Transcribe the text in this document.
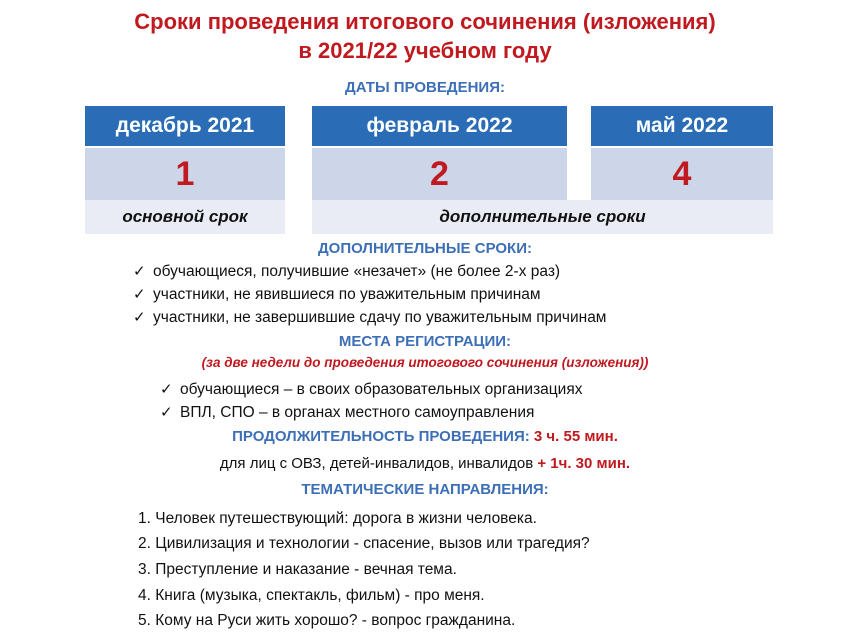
Сроки проведения итогового сочинения (изложения)
в 2021/22 учебном году
ДАТЫ ПРОВЕДЕНИЯ:
декабрь 2021
1
основной срок
февраль 2022
2
май 2022
4
дополнительные сроки
ДОПОЛНИТЕЛЬНЫЕ СРОКИ:
✓ обучающиеся, получившие «незачет» (не более 2-х раз)
✓ участники, не явившиеся по уважительным причинам
✓ участники, не завершившие сдачу по уважительным причинам
МЕСТА РЕГИСТРАЦИИ:
(за две недели до проведения итогового сочинения (изложения))
✓ обучающиеся – в своих образовательных организациях
✓ ВПЛ, СПО – в органах местного самоуправления
ПРОДОЛЖИТЕЛЬНОСТЬ ПРОВЕДЕНИЯ: 3 ч. 55 мин.
для лиц с ОВЗ, детей-инвалидов, инвалидов + 1ч. 30 мин.
ТЕМАТИЧЕСКИЕ НАПРАВЛЕНИЯ:
1. Человек путешествующий: дорога в жизни человека.
2. Цивилизация и технологии - спасение, вызов или трагедия?
3. Преступление и наказание - вечная тема.
4. Книга (музыка, спектакль, фильм) - про меня.
5. Кому на Руси жить хорошо? - вопрос гражданина.
